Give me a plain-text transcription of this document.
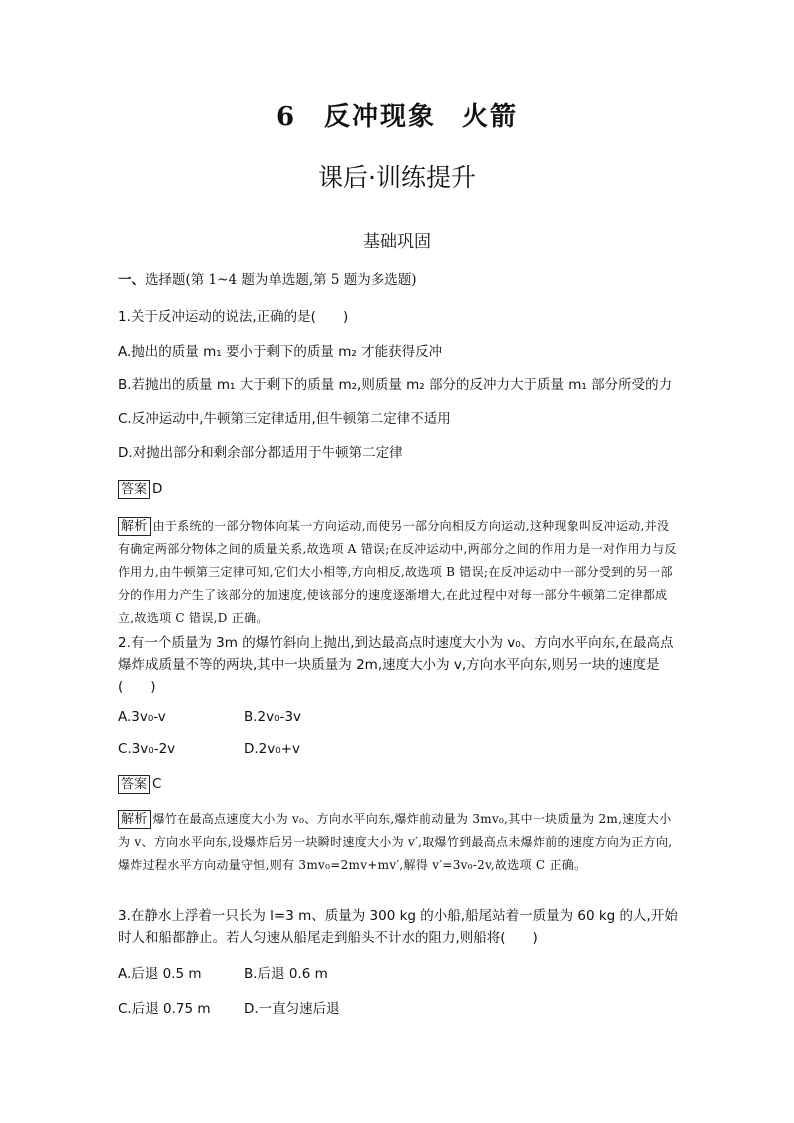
6 反冲现象 火箭
课后·训练提升
基础巩固
一、选择题(第 1~4 题为单选题,第 5 题为多选题)
1.关于反冲运动的说法,正确的是(　　)
A.抛出的质量 m₁ 要小于剩下的质量 m₂ 才能获得反冲
B.若抛出的质量 m₁ 大于剩下的质量 m₂,则质量 m₂ 部分的反冲力大于质量 m₁ 部分所受的力
C.反冲运动中,牛顿第三定律适用,但牛顿第二定律不适用
D.对抛出部分和剩余部分都适用于牛顿第二定律
答案 D
解析 由于系统的一部分物体向某一方向运动,而使另一部分向相反方向运动,这种现象叫反冲运动,并没有确定两部分物体之间的质量关系,故选项 A 错误;在反冲运动中,两部分之间的作用力是一对作用力与反作用力,由牛顿第三定律可知,它们大小相等,方向相反,故选项 B 错误;在反冲运动中一部分受到的另一部分的作用力产生了该部分的加速度,使该部分的速度逐渐增大,在此过程中对每一部分牛顿第二定律都成立,故选项 C 错误,D 正确。
2.有一个质量为 3m 的爆竹斜向上抛出,到达最高点时速度大小为 v₀、方向水平向东,在最高点爆炸成质量不等的两块,其中一块质量为 2m,速度大小为 v,方向水平向东,则另一块的速度是(　　)
A.3v₀-v	B.2v₀-3v
C.3v₀-2v	D.2v₀+v
答案 C
解析 爆竹在最高点速度大小为 v₀、方向水平向东,爆炸前动量为 3mv₀,其中一块质量为 2m,速度大小为 v、方向水平向东,设爆炸后另一块瞬时速度大小为 v′,取爆竹到最高点未爆炸前的速度方向为正方向,爆炸过程水平方向动量守恒,则有 3mv₀=2mv+mv′,解得 v′=3v₀-2v,故选项 C 正确。
3.在静水上浮着一只长为 l=3 m、质量为 300 kg 的小船,船尾站着一质量为 60 kg 的人,开始时人和船都静止。若人匀速从船尾走到船头不计水的阻力,则船将(　　)
A.后退 0.5 m	B.后退 0.6 m
C.后退 0.75 m D.一直匀速后退
